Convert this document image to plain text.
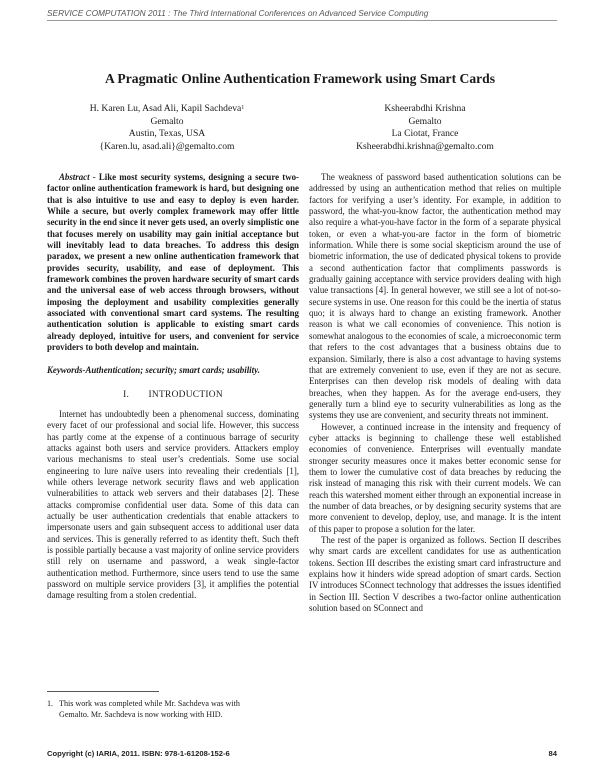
SERVICE COMPUTATION 2011 : The Third International Conferences on Advanced Service Computing
A Pragmatic Online Authentication Framework using Smart Cards
H. Karen Lu, Asad Ali, Kapil Sachdeva$^1$
Gemalto
Austin, Texas, USA
{Karen.lu, asad.ali}@gemalto.com
Ksheerabdhi Krishna
Gemalto
La Ciotat, France
Ksheerabdhi.krishna@gemalto.com

Abstract - Like most security systems, designing a secure two-factor online authentication framework is hard, but designing one that is also intuitive to use and easy to deploy is even harder. While a secure, but overly complex framework may offer little security in the end since it never gets used, an overly simplistic one that focuses merely on usability may gain initial acceptance but will inevitably lead to data breaches. To address this design paradox, we present a new online authentication framework that provides security, usability, and ease of deployment. This framework combines the proven hardware security of smart cards and the universal ease of web access through browsers, without imposing the deployment and usability complexities generally associated with conventional smart card systems. The resulting authentication solution is applicable to existing smart cards already deployed, intuitive for users, and convenient for service providers to both develop and maintain.

Keywords-Authentication; security; smart cards; usability.

I.  INTRODUCTION

Internet has undoubtedly been a phenomenal success, dominating every facet of our professional and social life. However, this success has partly come at the expense of a continuous barrage of security attacks against both users and service providers. Attackers employ various mechanisms to steal user’s credentials. Some use social engineering to lure naïve users into revealing their credentials [1], while others leverage network security flaws and web application vulnerabilities to attack web servers and their databases [2]. These attacks compromise confidential user data. Some of this data can actually be user authentication credentials that enable attackers to impersonate users and gain subsequent access to additional user data and services. This is generally referred to as identity theft. Such theft is possible partially because a vast majority of online service providers still rely on username and password, a weak single-factor authentication method. Furthermore, since users tend to use the same password on multiple service providers [3], it amplifies the potential damage resulting from a stolen credential.

The weakness of password based authentication solutions can be addressed by using an authentication method that relies on multiple factors for verifying a user’s identity. For example, in addition to password, the what-you-know factor, the authentication method may also require a what-you-have factor in the form of a separate physical token, or even a what-you-are factor in the form of biometric information. While there is some social skepticism around the use of biometric information, the use of dedicated physical tokens to provide a second authentication factor that compliments passwords is gradually gaining acceptance with service providers dealing with high value transactions [4]. In general however, we still see a lot of not-so-secure systems in use. One reason for this could be the inertia of status quo; it is always hard to change an existing framework. Another reason is what we call economies of convenience. This notion is somewhat analogous to the economies of scale, a microeconomic term that refers to the cost advantages that a business obtains due to expansion. Similarly, there is also a cost advantage to having systems that are extremely convenient to use, even if they are not as secure. Enterprises can then develop risk models of dealing with data breaches, when they happen. As for the average end-users, they generally turn a blind eye to security vulnerabilities as long as the systems they use are convenient, and security threats not imminent.

However, a continued increase in the intensity and frequency of cyber attacks is beginning to challenge these well established economies of convenience. Enterprises will eventually mandate stronger security measures once it makes better economic sense for them to lower the cumulative cost of data breaches by reducing the risk instead of managing this risk with their current models. We can reach this watershed moment either through an exponential increase in the number of data breaches, or by designing security systems that are more convenient to develop, deploy, use, and manage. It is the intent of this paper to propose a solution for the later.

The rest of the paper is organized as follows. Section II describes why smart cards are excellent candidates for use as authentication tokens. Section III describes the existing smart card infrastructure and explains how it hinders wide spread adoption of smart cards. Section IV introduces SConnect technology that addresses the issues identified in Section III. Section V describes a two-factor online authentication solution based on SConnect and

1. This work was completed while Mr. Sachdeva was with
Gemalto. Mr. Sachdeva is now working with HID.
Copyright (c) IARIA, 2011. ISBN: 978-1-61208-152-6	84
